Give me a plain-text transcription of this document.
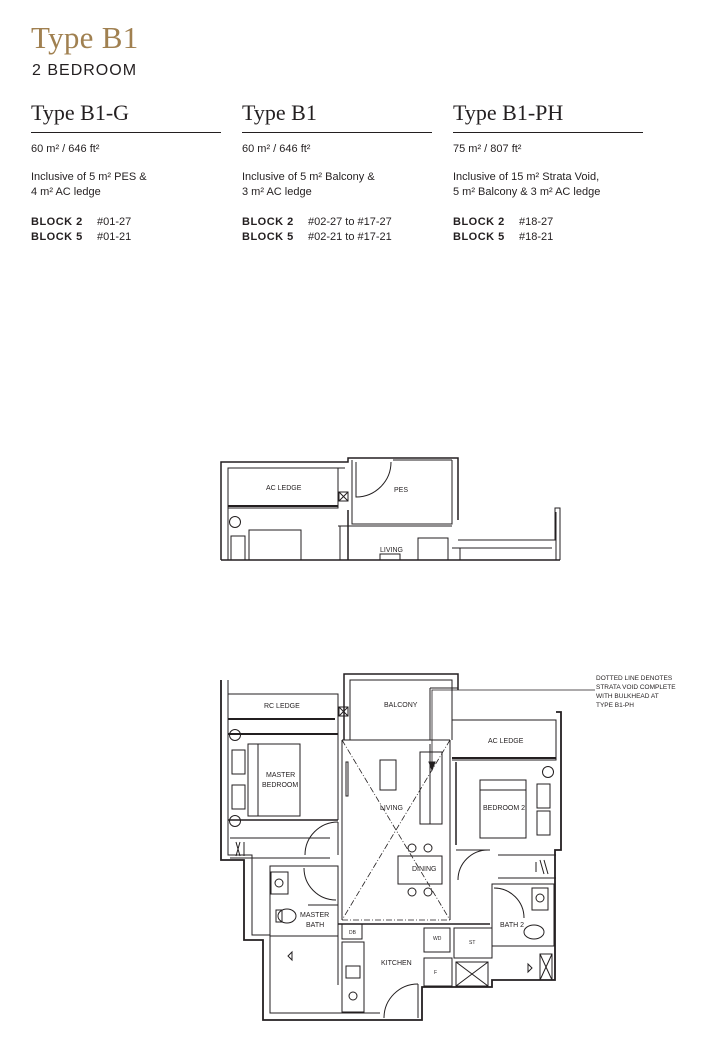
Type B1
2 BEDROOM
Type B1-G
60 m² / 646 ft²
Inclusive of 5 m² PES &
4 m² AC ledge
BLOCK 2 #01-27
BLOCK 5 #01-21
Type B1
60 m² / 646 ft²
Inclusive of 5 m² Balcony &
3 m² AC ledge
BLOCK 2 #02-27 to #17-27
BLOCK 5 #02-21 to #17-21
Type B1-PH
75 m² / 807 ft²
Inclusive of 15 m² Strata Void,
5 m² Balcony & 3 m² AC ledge
BLOCK 2 #18-27
BLOCK 5 #18-21
AC LEDGE	PES
LIVING
RC LEDGE	BALCONY
AC LEDGE
MASTER
BEDROOM
LIVING	BEDROOM 2
DINING
MASTER
BATH	BATH 2
DB
WD
ST
F
KITCHEN
DOTTED LINE DENOTES
STRATA VOID COMPLETE
WITH BULKHEAD AT
TYPE B1-PH
